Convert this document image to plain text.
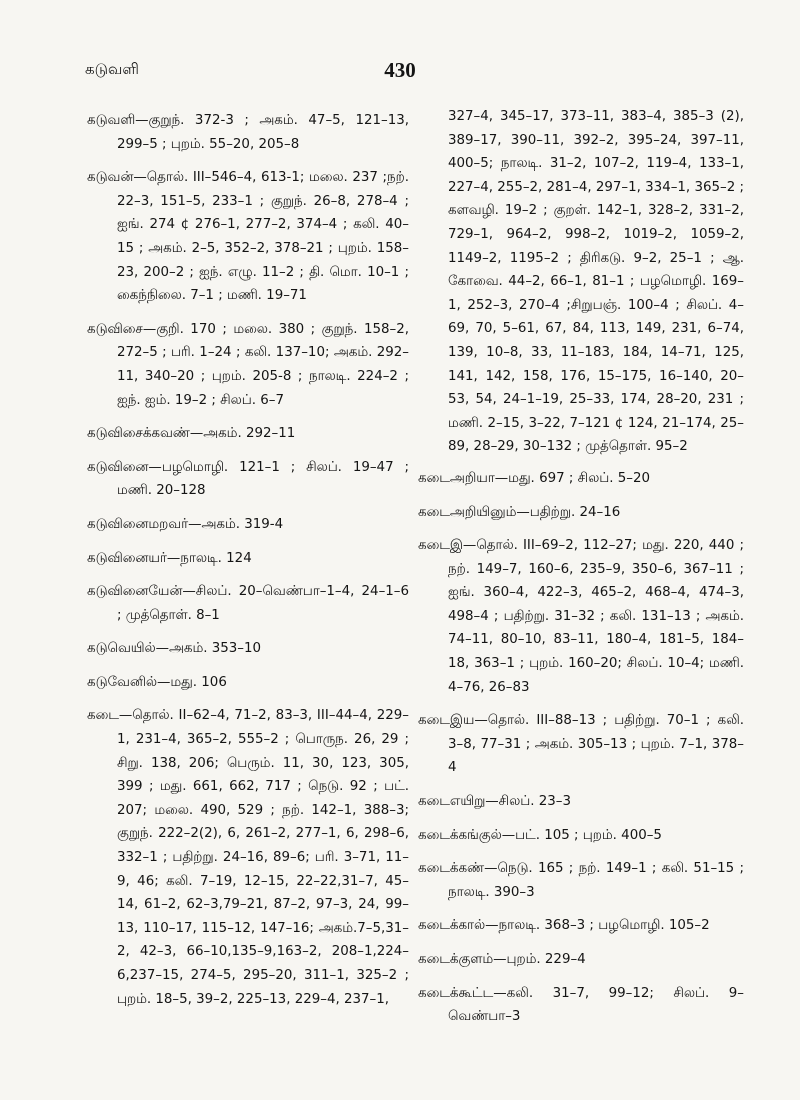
கடுவளி	430

கடுவளி—குறுந். 372-3 ; அகம். 47–5, 121–13, 299–5 ; புறம். 55–20, 205–8

கடுவன்—தொல். III–546–4, 613-1; மலை. 237 ;நற். 22–3, 151–5, 233–1 ; குறுந். 26–8, 278–4 ; ஐங். 274 ¢ 276–1, 277–2, 374–4 ; கலி. 40–15 ; அகம். 2–5, 352–2, 378–21 ; புறம். 158–23, 200–2 ; ஐந். எழு. 11–2 ; தி. மொ. 10–1 ; கைந்நிலை. 7–1 ; மணி. 19–71

கடுவிசை—குறி. 170 ; மலை. 380 ; குறுந். 158–2, 272–5 ; பரி. 1–24 ; கலி. 137–10; அகம். 292–11, 340–20 ; புறம். 205-8 ; நாலடி. 224–2 ; ஐந். ஐம். 19–2 ; சிலப். 6–7

கடுவிசைக்கவண்—அகம். 292–11

கடுவினை—பழமொழி. 121–1 ; சிலப். 19–47 ; மணி. 20–128

கடுவினைமறவர்—அகம். 319-4

கடுவினையர்—நாலடி. 124

கடுவினையேன்—சிலப். 20–வெண்பா–1–4, 24–1–6 ; முத்தொள். 8–1

கடுவெயில்—அகம். 353–10

கடுவேனில்—மது. 106

கடை—தொல். II–62–4, 71–2, 83–3, III–44–4, 229–1, 231–4, 365–2, 555–2 ; பொருந. 26, 29 ; சிறு. 138, 206; பெரும். 11, 30, 123, 305, 399 ; மது. 661, 662, 717 ; நெடு. 92 ; பட். 207; மலை. 490, 529 ; நற். 142–1, 388–3; குறுந். 222–2(2), 6, 261–2, 277–1, 6, 298–6, 332–1 ; பதிற்று. 24–16, 89–6; பரி. 3–71, 11–9, 46; கலி. 7–19, 12–15, 22–22,31–7, 45–14, 61–2, 62–3,79–21, 87–2, 97–3, 24, 99–13, 110–17, 115–12, 147–16; அகம்.7–5,31–2, 42–3, 66–10,135–9,163–2, 208–1,224–6,237–15, 274–5, 295–20, 311–1, 325–2 ; புறம். 18–5, 39–2, 225–13, 229–4, 237–1,

327–4, 345–17, 373–11, 383–4, 385–3 (2), 389–17, 390–11, 392–2, 395–24, 397–11, 400–5; நாலடி. 31–2, 107–2, 119–4, 133–1, 227–4, 255–2, 281–4, 297–1, 334–1, 365–2 ; களவழி. 19–2 ; குறள். 142–1, 328–2, 331–2, 729–1, 964–2, 998–2, 1019–2, 1059–2, 1149–2, 1195–2 ; திரிகடு. 9–2, 25–1 ; ஆ. கோவை. 44–2, 66–1, 81–1 ; பழமொழி. 169–1, 252–3, 270–4 ;சிறுபஞ். 100–4 ; சிலப். 4–69, 70, 5–61, 67, 84, 113, 149, 231, 6–74, 139, 10–8, 33, 11–183, 184, 14–71, 125, 141, 142, 158, 176, 15–175, 16–140, 20–53, 54, 24–1–19, 25–33, 174, 28–20, 231 ; மணி. 2–15, 3–22, 7–121 ¢ 124, 21–174, 25–89, 28–29, 30–132 ; முத்தொள். 95–2

கடைஅறியா—மது. 697 ; சிலப். 5–20

கடைஅறியினும்—பதிற்று. 24–16

கடைஇ—தொல். III–69–2, 112–27; மது. 220, 440 ; நற். 149–7, 160–6, 235–9, 350–6, 367–11 ; ஐங். 360–4, 422–3, 465–2, 468–4, 474–3, 498–4 ; பதிற்று. 31–32 ; கலி. 131–13 ; அகம். 74–11, 80–10, 83–11, 180–4, 181–5, 184–18, 363–1 ; புறம். 160–20; சிலப். 10–4; மணி. 4–76, 26–83

கடைஇய—தொல். III–88–13 ; பதிற்று. 70–1 ; கலி. 3–8, 77–31 ; அகம். 305–13 ; புறம். 7–1, 378–4

கடைஎயிறு—சிலப். 23–3

கடைக்கங்குல்—பட். 105 ; புறம். 400–5

கடைக்கண்—நெடு. 165 ; நற். 149–1 ; கலி. 51–15 ; நாலடி. 390–3

கடைக்கால்—நாலடி. 368–3 ; பழமொழி. 105–2

கடைக்குளம்—புறம். 229–4

கடைக்கூட்ட—கலி. 31–7, 99–12; சிலப். 9–வெண்பா–3
